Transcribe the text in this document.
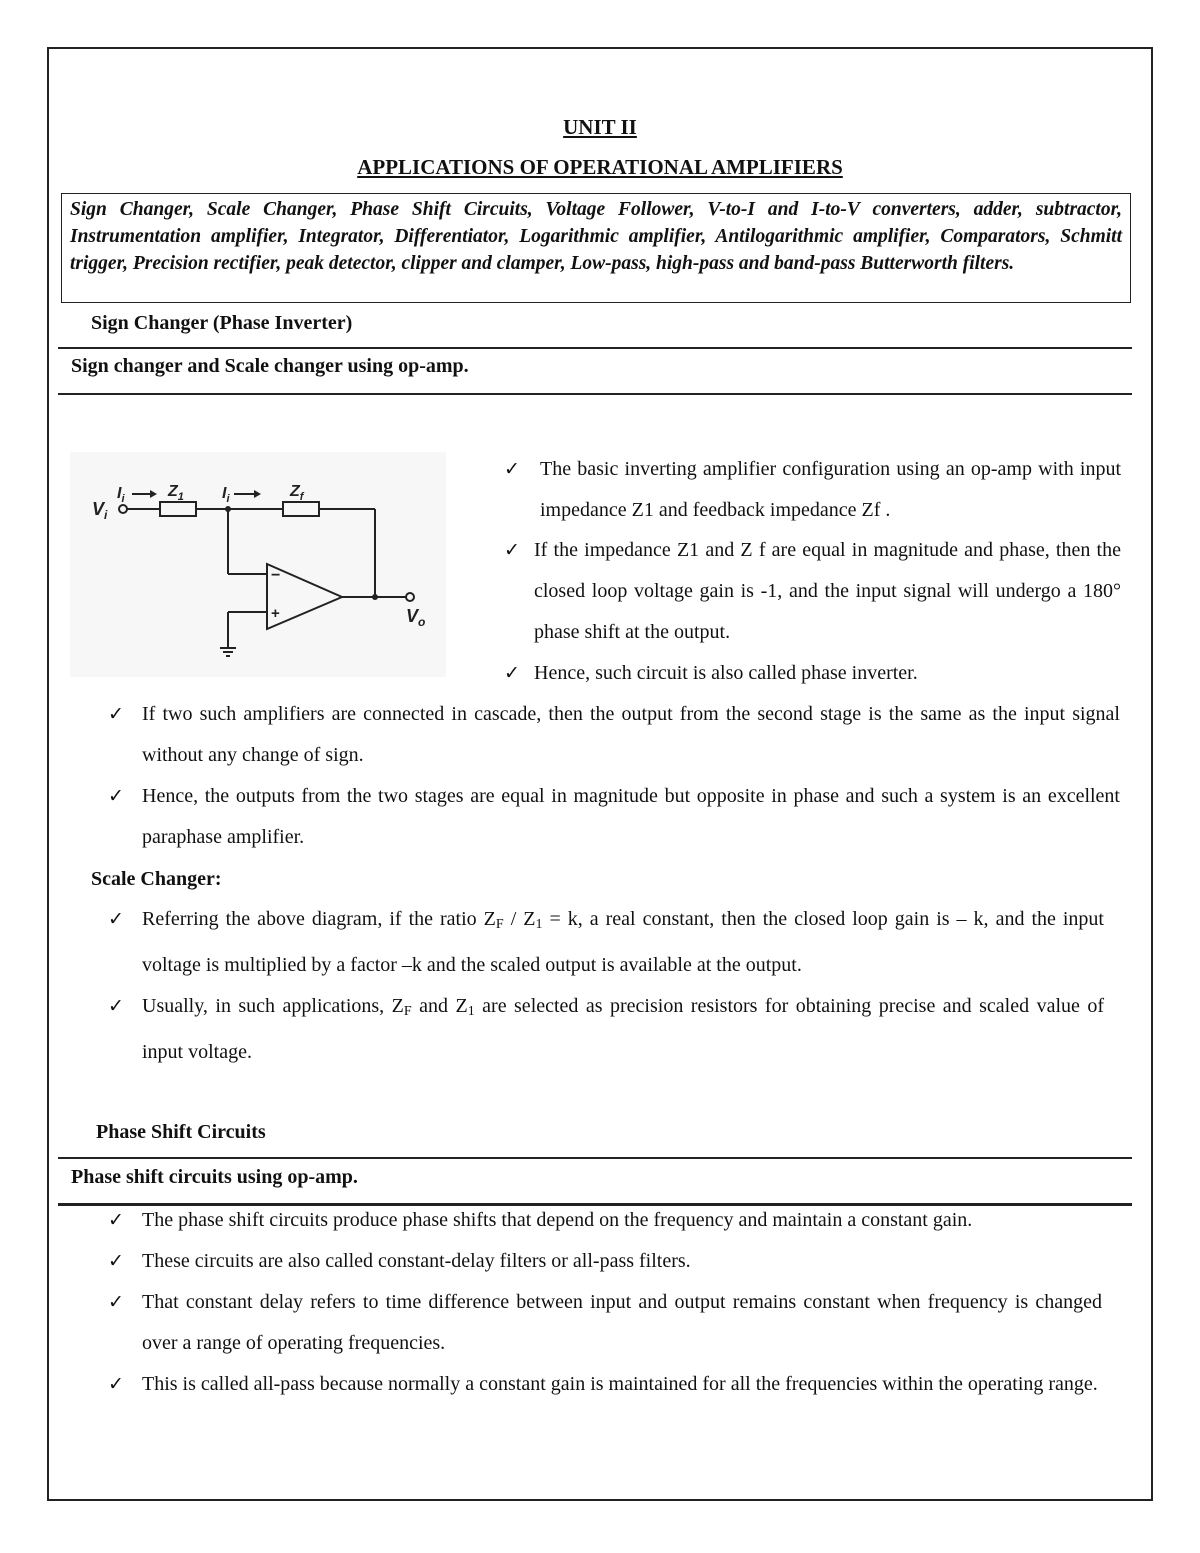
UNIT II
APPLICATIONS OF OPERATIONAL AMPLIFIERS
Sign Changer, Scale Changer, Phase Shift Circuits, Voltage Follower, V-to-I and I-to-V converters, adder, subtractor, Instrumentation amplifier, Integrator, Differentiator, Logarithmic amplifier, Antilogarithmic amplifier, Comparators, Schmitt trigger, Precision rectifier, peak detector, clipper and clamper, Low-pass, high-pass and band-pass Butterworth filters.
Sign Changer (Phase Inverter)
Sign changer and Scale changer using op-amp.
$V_i$
$I_i$	$Z_1$ $I_i$	$Z_f$
$V_o$
−
+
✓ The basic inverting amplifier configuration using an op-amp with input impedance Z1 and feedback impedance Zf .
✓ If the impedance Z1 and Z f are equal in magnitude and phase, then the closed loop voltage gain is -1, and the input signal will undergo a 180° phase shift at the output.
✓ Hence, such circuit is also called phase inverter.
✓ If two such amplifiers are connected in cascade, then the output from the second stage is the same as the input signal without any change of sign.
✓ Hence, the outputs from the two stages are equal in magnitude but opposite in phase and such a system is an excellent paraphase amplifier.
Scale Changer:
✓ Referring the above diagram, if the ratio $Z_F / Z_1 = k$, a real constant, then the closed loop gain is – k, and the input voltage is multiplied by a factor –k and the scaled output is available at the output.
✓ Usually, in such applications, $Z_F$ and $Z_1$ are selected as precision resistors for obtaining precise and scaled value of input voltage.
Phase Shift Circuits
Phase shift circuits using op-amp.
✓ The phase shift circuits produce phase shifts that depend on the frequency and maintain a constant gain.
✓ These circuits are also called constant-delay filters or all-pass filters.
✓ That constant delay refers to time difference between input and output remains constant when frequency is changed over a range of operating frequencies.
✓ This is called all-pass because normally a constant gain is maintained for all the frequencies within the operating range.
